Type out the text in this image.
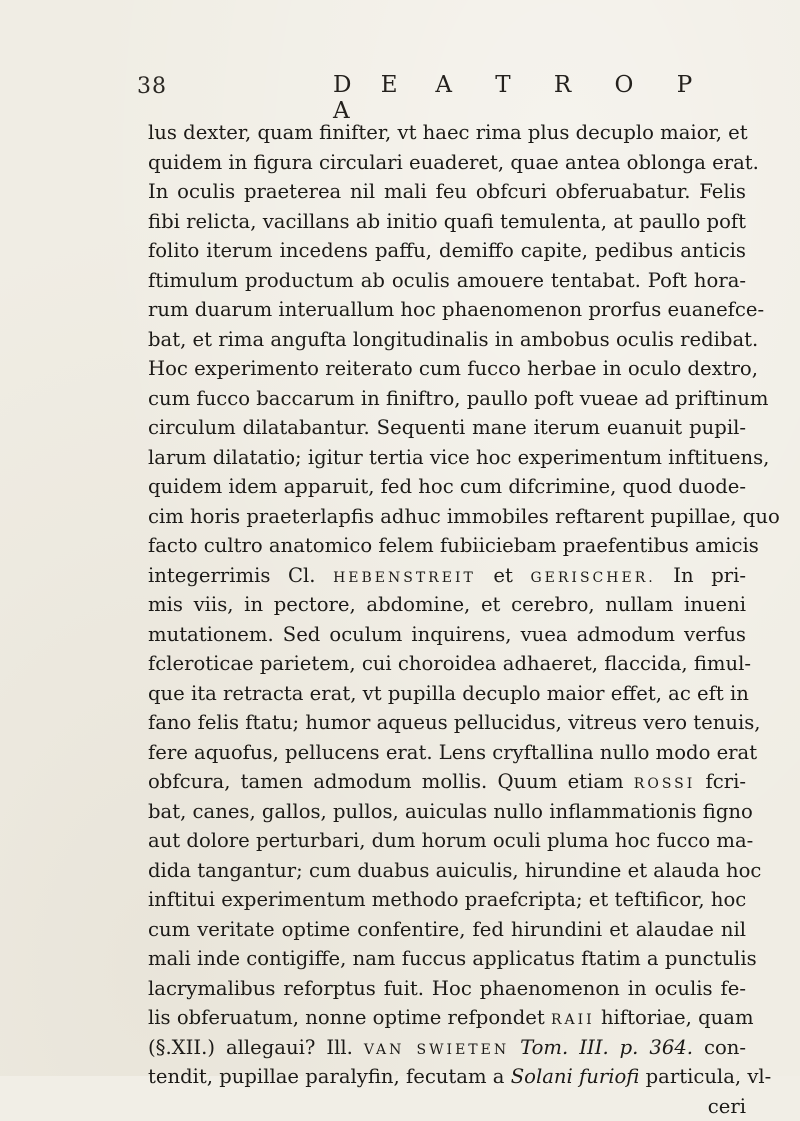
38	D E A T R O P A
lus dexter, quam finifter, vt haec rima plus decuplo maior, et
quidem in figura circulari euaderet, quae antea oblonga erat.
In oculis praeterea nil mali feu obfcuri obferuabatur. Felis
fibi relicta, vacillans ab initio quafi temulenta, at paullo poft
folito iterum incedens paffu, demiffo capite, pedibus anticis
ftimulum productum ab oculis amouere tentabat. Poft hora-
rum duarum interuallum hoc phaenomenon prorfus euanefce-
bat, et rima angufta longitudinalis in ambobus oculis redibat.
Hoc experimento reiterato cum fucco herbae in oculo dextro,
cum fucco baccarum in finiftro, paullo poft vueae ad priftinum
circulum dilatabantur. Sequenti mane iterum euanuit pupil-
larum dilatatio; igitur tertia vice hoc experimentum inftituens,
quidem idem apparuit, fed hoc cum difcrimine, quod duode-
cim horis praeterlapfis adhuc immobiles reftarent pupillae, quo
facto cultro anatomico felem fubiiciebam praefentibus amicis
integerrimis Cl. HEBENSTREIT et GERISCHER. In pri-
mis viis, in pectore, abdomine, et cerebro, nullam inueni
mutationem. Sed oculum inquirens, vuea admodum verfus
fcleroticae parietem, cui choroidea adhaeret, flaccida, fimul-
que ita retracta erat, vt pupilla decuplo maior effet, ac eft in
fano felis ftatu; humor aqueus pellucidus, vitreus vero tenuis,
fere aquofus, pellucens erat. Lens cryftallina nullo modo erat
obfcura, tamen admodum mollis. Quum etiam ROSSI fcri-
bat, canes, gallos, pullos, auiculas nullo inflammationis figno
aut dolore perturbari, dum horum oculi pluma hoc fucco ma-
dida tangantur; cum duabus auiculis, hirundine et alauda hoc
inftitui experimentum methodo praefcripta; et teftificor, hoc
cum veritate optime confentire, fed hirundini et alaudae nil
mali inde contigiffe, nam fuccus applicatus ftatim a punctulis
lacrymalibus reforptus fuit. Hoc phaenomenon in oculis fe-
lis obferuatum, nonne optime refpondet RAII hiftoriae, quam
(§.XII.) allegaui? Ill. VAN SWIETEN Tom. III. p. 364. con-
tendit, pupillae paralyfin, fecutam a Solani furiofi particula, vl-
ceri
